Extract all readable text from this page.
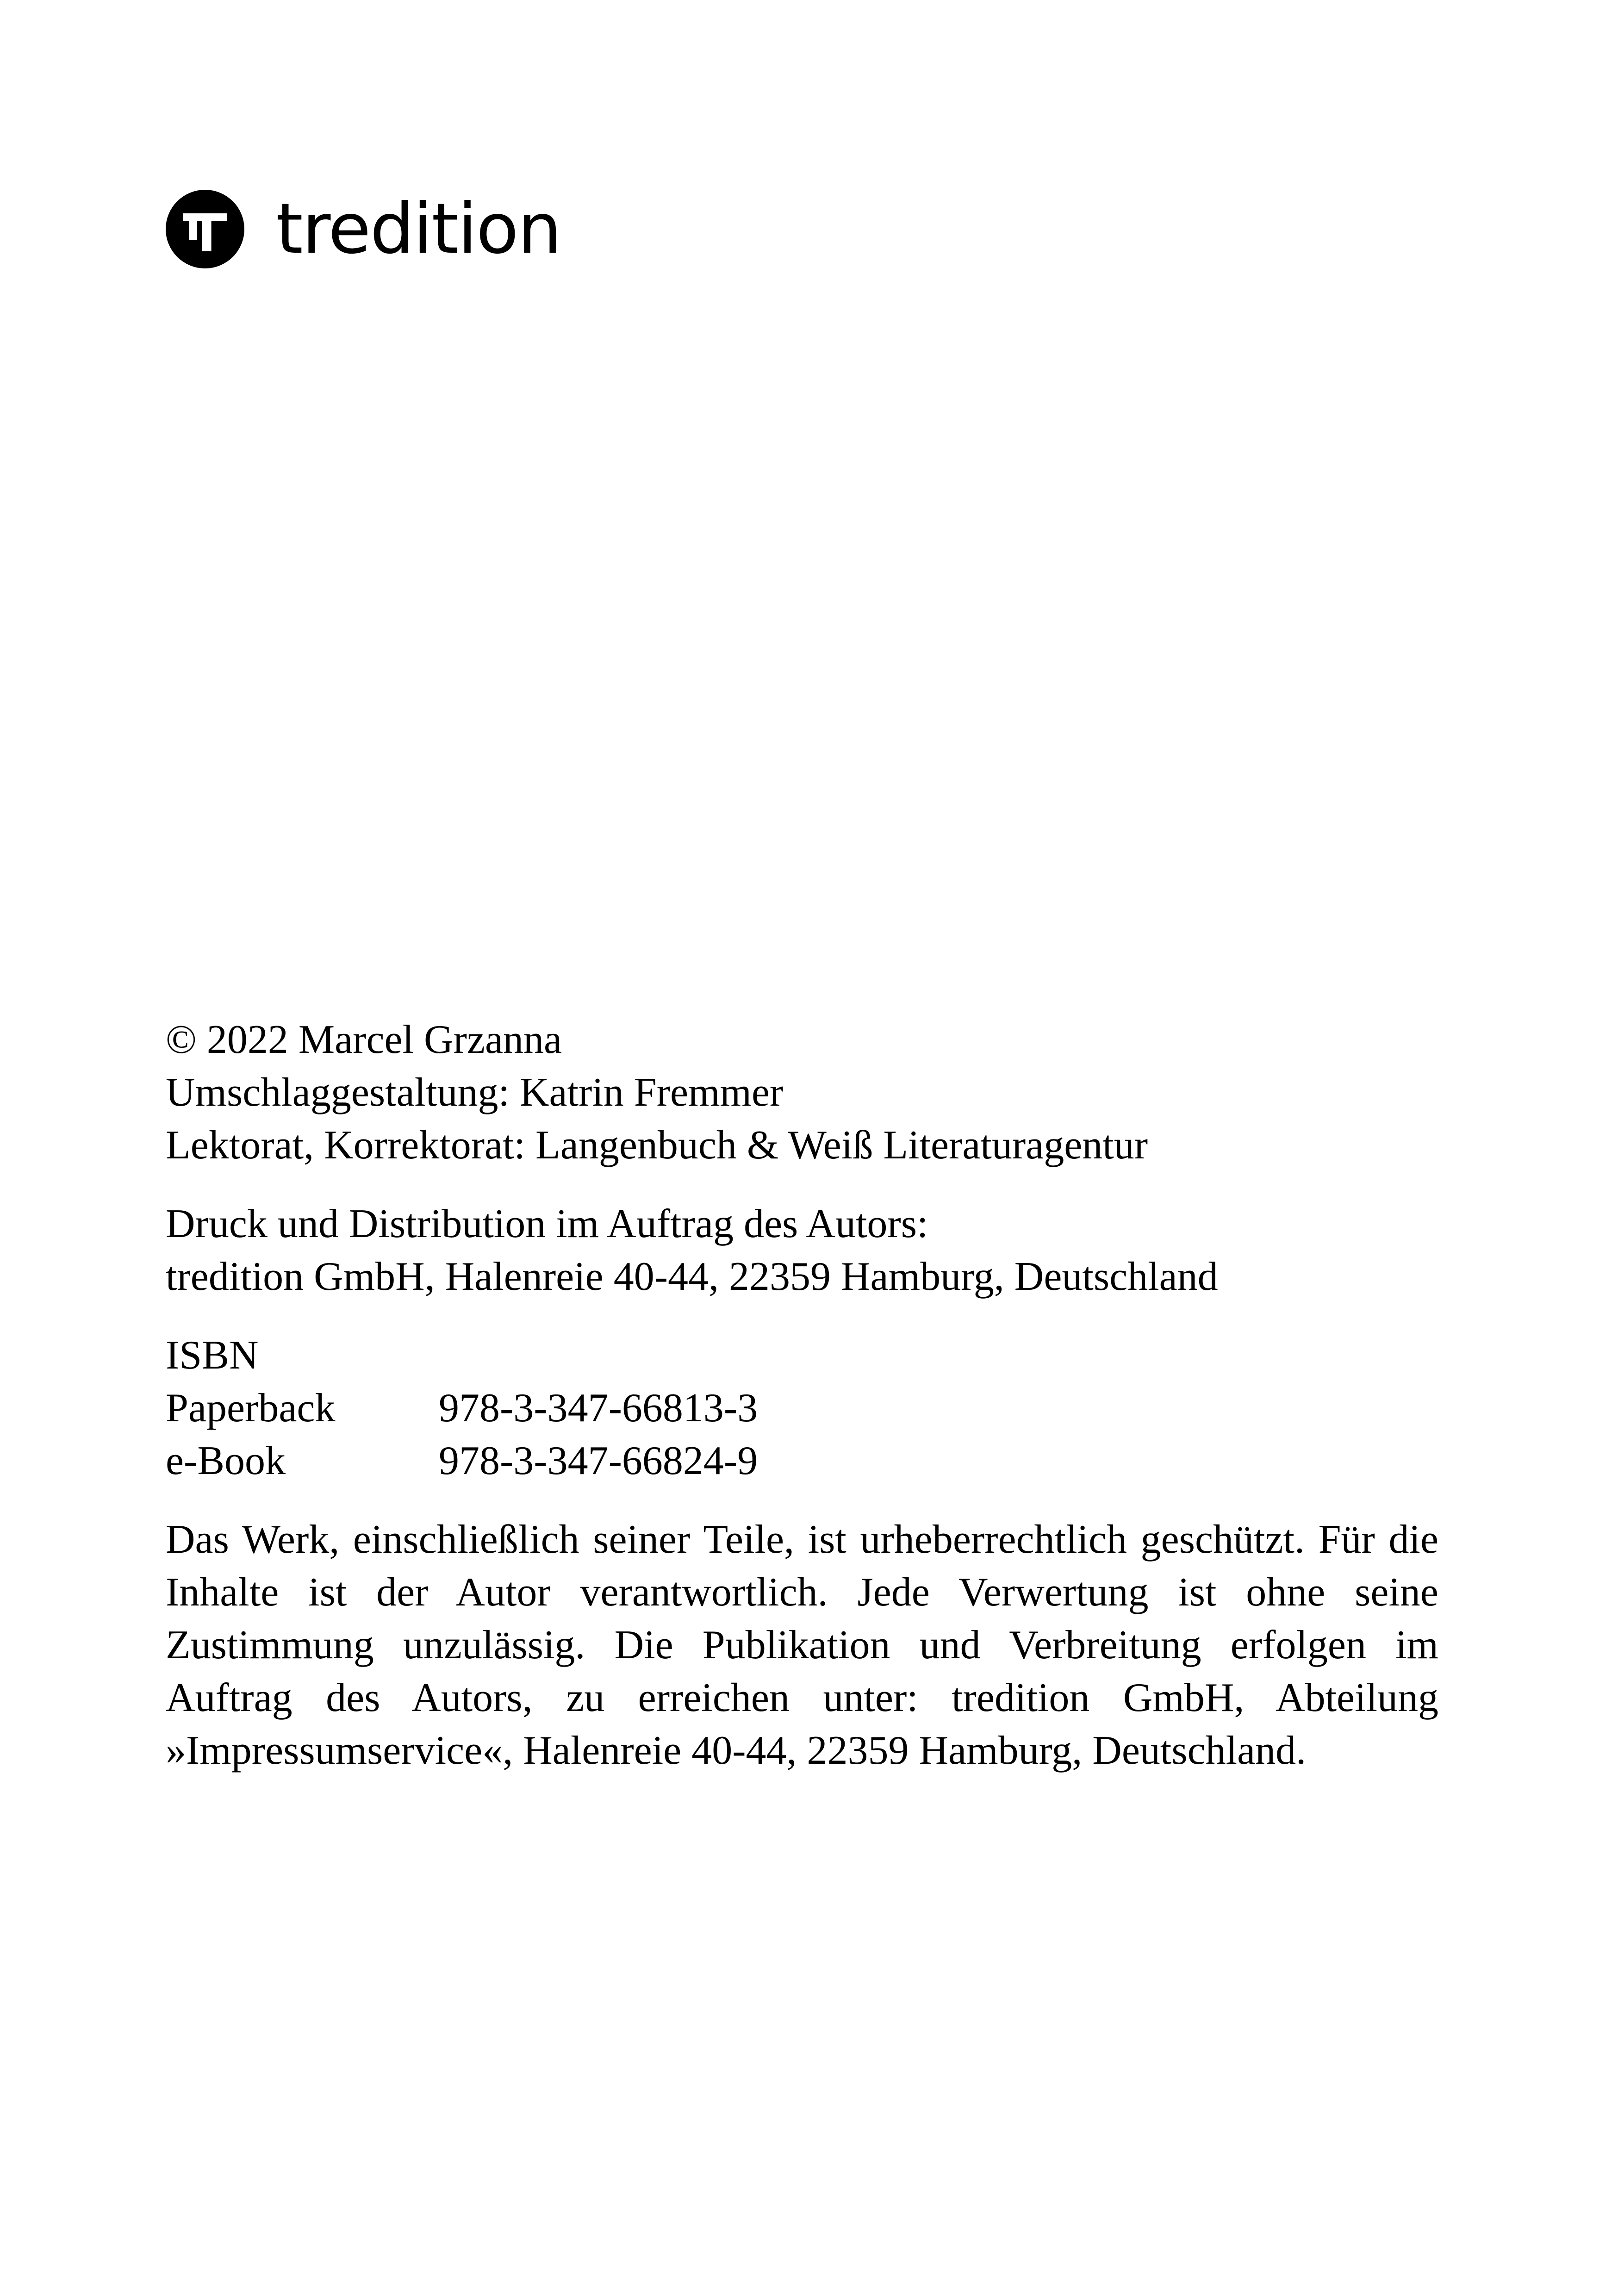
tredition
© 2022 Marcel Grzanna
Umschlaggestaltung: Katrin Fremmer
Lektorat, Korrektorat: Langenbuch & Weiß Literaturagentur
Druck und Distribution im Auftrag des Autors:
tredition GmbH, Halenreie 40-44, 22359 Hamburg, Deutschland
ISBN
Paperback	978-3-347-66813-3
e-Book	978-3-347-66824-9

Das Werk, einschließlich seiner Teile, ist urheberrechtlich geschützt. Für die Inhalte ist der Autor verantwortlich. Jede Verwertung ist ohne seine Zustimmung unzulässig. Die Publikation und Verbreitung erfolgen im Auftrag des Autors, zu erreichen unter: tredition GmbH, Abteilung »Impressumservice«, Halenreie 40-44, 22359 Hamburg, Deutschland.
